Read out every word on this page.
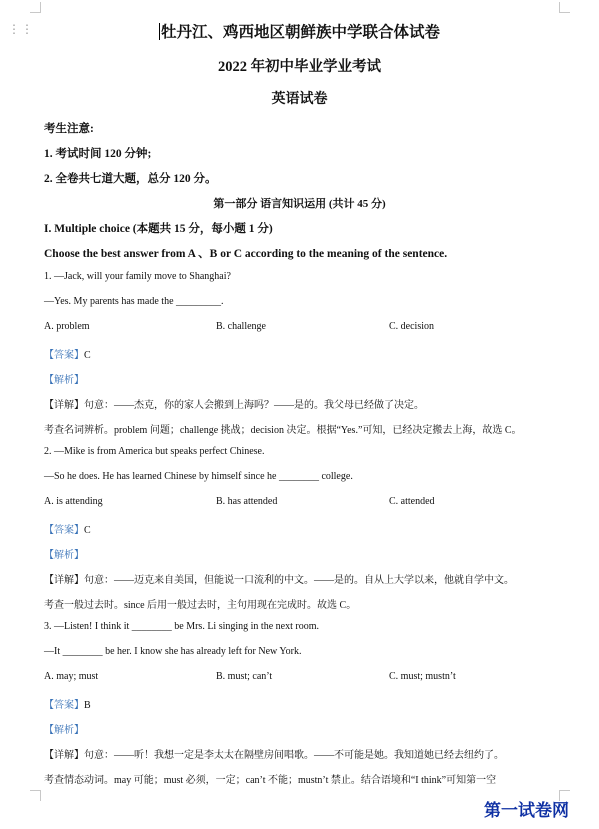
⋮⋮	牡丹江、鸡西地区朝鲜族中学联合体试卷
2022 年初中毕业学业考试
英语试卷
考生注意:
1. 考试时间 120 分钟;
2. 全卷共七道大题，总分 120 分。
第一部分 语言知识运用 (共计 45 分)
I. Multiple choice (本题共 15 分，每小题 1 分)
Choose the best answer from A 、B or C according to the meaning of the sentence.
1. —Jack, will your family move to Shanghai?
—Yes. My parents has made the _________.
A. problem	B. challenge	C. decision
【答案】C
【解析】
【详解】句意：——杰克，你的家人会搬到上海吗？——是的。我父母已经做了决定。
考查名词辨析。problem 问题；challenge 挑战；decision 决定。根据“Yes.”可知，已经决定搬去上海，故选 C。
2. —Mike is from America but speaks perfect Chinese.
—So he does. He has learned Chinese by himself since he ________ college.
A. is attending	B. has attended	C. attended
【答案】C
【解析】
【详解】句意：——迈克来自美国，但能说一口流利的中文。——是的。自从上大学以来，他就自学中文。
考查一般过去时。since 后用一般过去时，主句用现在完成时。故选 C。
3. —Listen! I think it ________ be Mrs. Li singing in the next room.
—It ________ be her. I know she has already left for New York.
A. may; must	B. must; can’t	C. must; mustn’t
【答案】B
【解析】
【详解】句意：——听！我想一定是李太太在隔壁房间唱歌。——不可能是她。我知道她已经去纽约了。
考查情态动词。may 可能；must 必须，一定；can’t 不能；mustn’t 禁止。结合语境和“I think”可知第一空
第一试卷网
